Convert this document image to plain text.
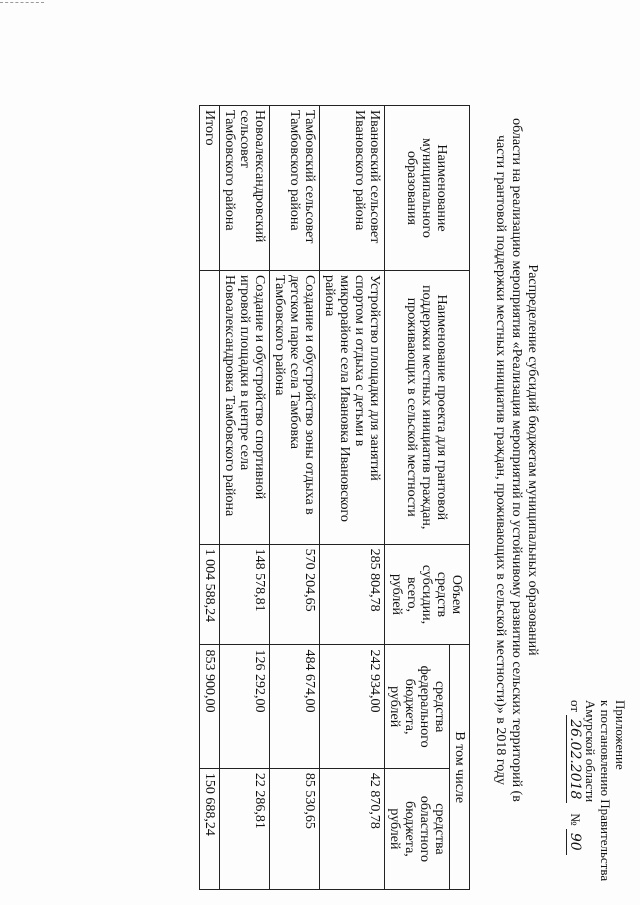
Приложение
к постановлению Правительства
Амурской области
от 26.02.2018   № 90
Распределение субсидий бюджетам муниципальных образований
области на реализацию мероприятия «Реализация мероприятий по устойчивому развитию сельских территорий (в
части грантовой поддержки местных инициатив граждан, проживающих в сельской местности)» в 2018 году
Наименование
муниципального
образования	Наименование проекта для грантовой
поддержки местных инициатив граждан,
проживающих в сельской местности	Объем
средств
субсидии,
всего,
рублей	В том числе	
			средства
федерального
бюджета,
рублей	средства
областного
бюджета,
рублей
Ивановский сельсовет
Ивановского района	Устройство площадки для занятий
спортом и отдыха с детьми в
микрорайоне села Ивановка Ивановского
района	285 804,78	242 934,00	42 870,78
Тамбовский сельсовет
Тамбовского района	Создание и обустройство зоны отдыха в
детском парке села Тамбовка
Тамбовского района	570 204,65	484 674,00	85 530,65
Новоалександровский
сельсовет
Тамбовского района	Создание и обустройство спортивной
игровой площадки в центре села
Новоалександровка Тамбовского района	148 578,81	126 292,00	22 286,81
Итого		1 004 588,24	853 900,00	150 688,24
